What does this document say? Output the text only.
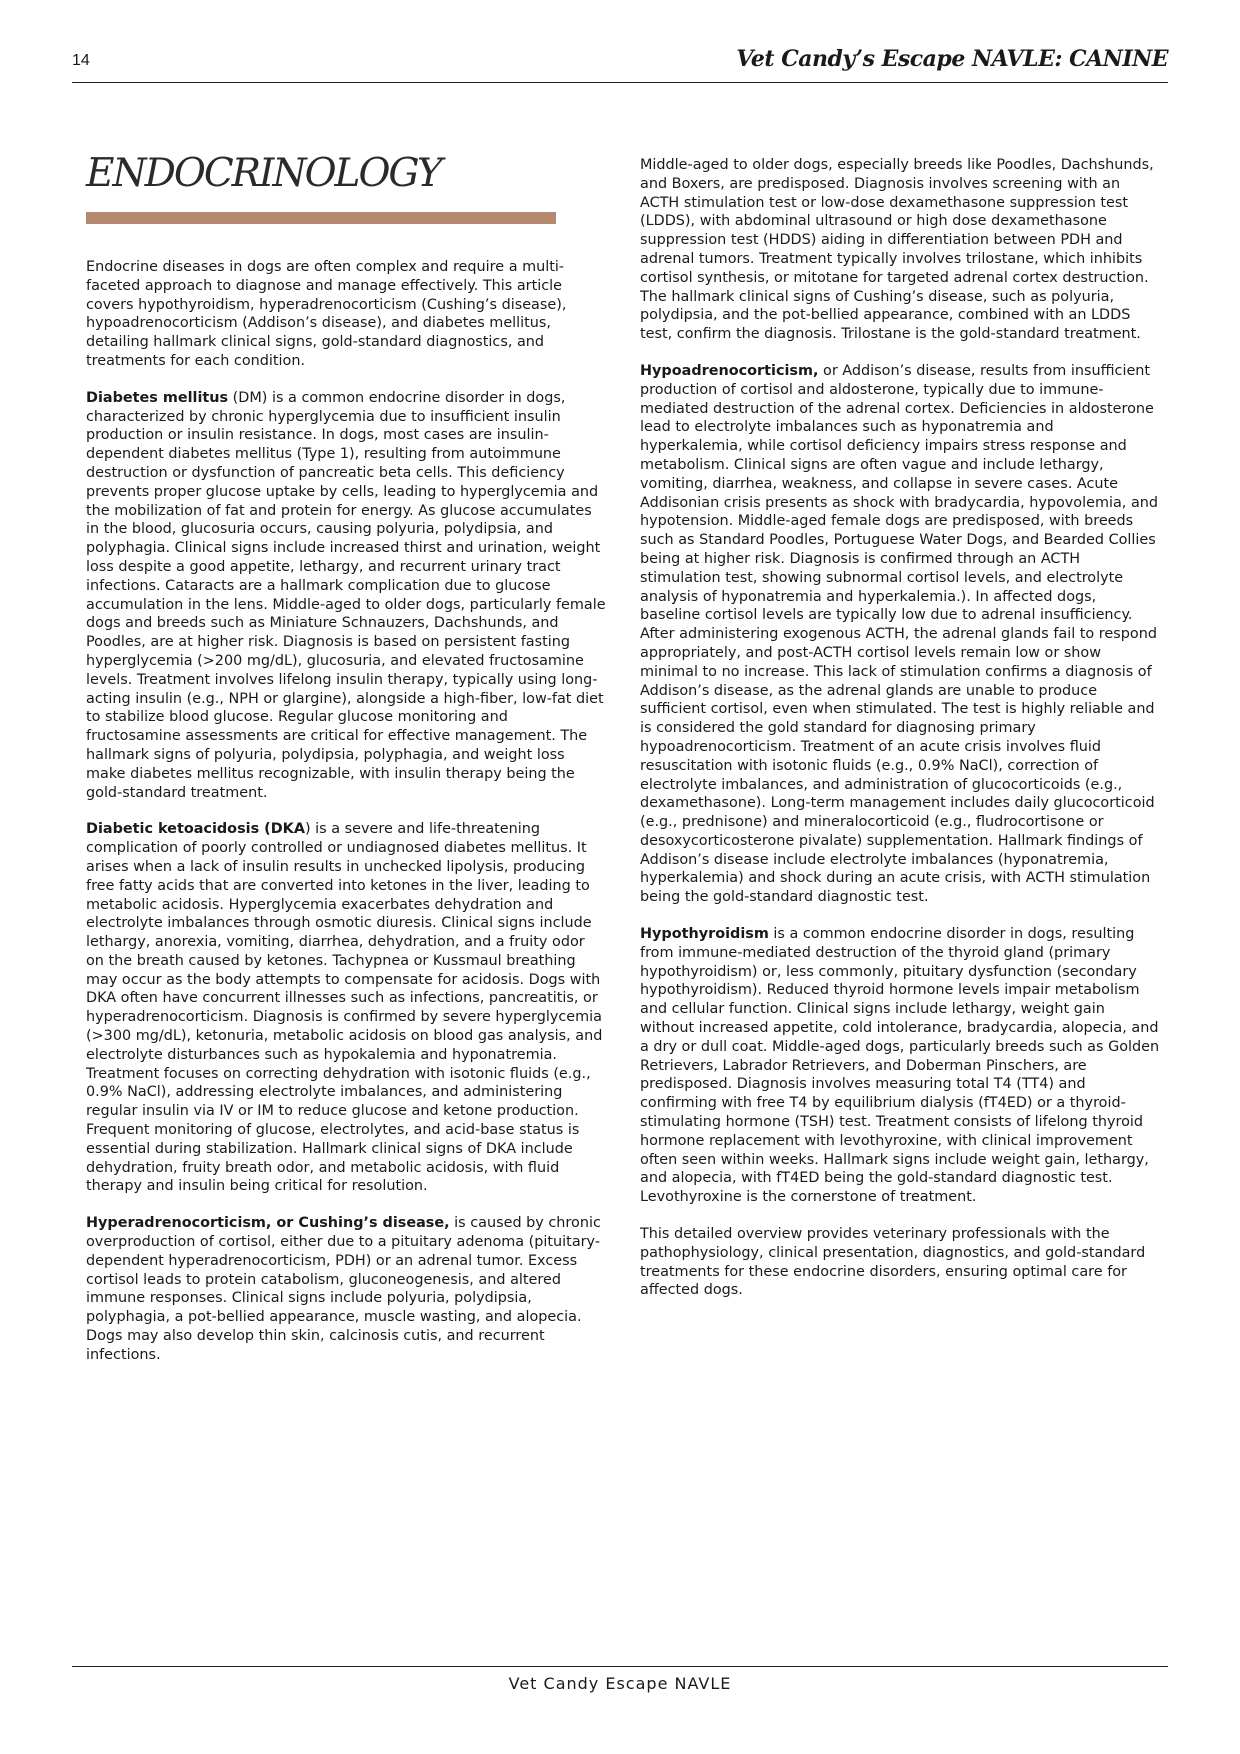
14	Vet Candy’s Escape NAVLE: CANINE
ENDOCRINOLOGY

Endocrine diseases in dogs are often complex and require a multi-faceted approach to diagnose and manage effectively. This article covers hypothyroidism, hyperadrenocorticism (Cushing’s disease), hypoadrenocorticism (Addison’s disease), and diabetes mellitus, detailing hallmark clinical signs, gold-standard diagnostics, and treatments for each condition.

Diabetes mellitus (DM) is a common endocrine disorder in dogs, characterized by chronic hyperglycemia due to insufficient insulin production or insulin resistance. In dogs, most cases are insulin-dependent diabetes mellitus (Type 1), resulting from autoimmune destruction or dysfunction of pancreatic beta cells. This deficiency prevents proper glucose uptake by cells, leading to hyperglycemia and the mobilization of fat and protein for energy. As glucose accumulates in the blood, glucosuria occurs, causing polyuria, polydipsia, and polyphagia. Clinical signs include increased thirst and urination, weight loss despite a good appetite, lethargy, and recurrent urinary tract infections. Cataracts are a hallmark complication due to glucose accumulation in the lens. Middle-aged to older dogs, particularly female dogs and breeds such as Miniature Schnauzers, Dachshunds, and Poodles, are at higher risk. Diagnosis is based on persistent fasting hyperglycemia (>200 mg/dL), glucosuria, and elevated fructosamine levels. Treatment involves lifelong insulin therapy, typically using long-acting insulin (e.g., NPH or glargine), alongside a high-fiber, low-fat diet to stabilize blood glucose. Regular glucose monitoring and fructosamine assessments are critical for effective management. The hallmark signs of polyuria, polydipsia, polyphagia, and weight loss make diabetes mellitus recognizable, with insulin therapy being the gold-standard treatment.

Diabetic ketoacidosis (DKA) is a severe and life-threatening complication of poorly controlled or undiagnosed diabetes mellitus. It arises when a lack of insulin results in unchecked lipolysis, producing free fatty acids that are converted into ketones in the liver, leading to metabolic acidosis. Hyperglycemia exacerbates dehydration and electrolyte imbalances through osmotic diuresis. Clinical signs include lethargy, anorexia, vomiting, diarrhea, dehydration, and a fruity odor on the breath caused by ketones. Tachypnea or Kussmaul breathing may occur as the body attempts to compensate for acidosis. Dogs with DKA often have concurrent illnesses such as infections, pancreatitis, or hyperadrenocorticism. Diagnosis is confirmed by severe hyperglycemia (>300 mg/dL), ketonuria, metabolic acidosis on blood gas analysis, and electrolyte disturbances such as hypokalemia and hyponatremia. Treatment focuses on correcting dehydration with isotonic fluids (e.g., 0.9% NaCl), addressing electrolyte imbalances, and administering regular insulin via IV or IM to reduce glucose and ketone production. Frequent monitoring of glucose, electrolytes, and acid-base status is essential during stabilization. Hallmark clinical signs of DKA include dehydration, fruity breath odor, and metabolic acidosis, with fluid therapy and insulin being critical for resolution.

Hyperadrenocorticism, or Cushing’s disease, is caused by chronic overproduction of cortisol, either due to a pituitary adenoma (pituitary-dependent hyperadrenocorticism, PDH) or an adrenal tumor. Excess cortisol leads to protein catabolism, gluconeogenesis, and altered immune responses. Clinical signs include polyuria, polydipsia, polyphagia, a pot-bellied appearance, muscle wasting, and alopecia. Dogs may also develop thin skin, calcinosis cutis, and recurrent infections.

Middle-aged to older dogs, especially breeds like Poodles, Dachshunds, and Boxers, are predisposed. Diagnosis involves screening with an ACTH stimulation test or low-dose dexamethasone suppression test (LDDS), with abdominal ultrasound or high dose dexamethasone suppression test (HDDS) aiding in differentiation between PDH and adrenal tumors. Treatment typically involves trilostane, which inhibits cortisol synthesis, or mitotane for targeted adrenal cortex destruction. The hallmark clinical signs of Cushing’s disease, such as polyuria, polydipsia, and the pot-bellied appearance, combined with an LDDS test, confirm the diagnosis. Trilostane is the gold-standard treatment.

Hypoadrenocorticism, or Addison’s disease, results from insufficient production of cortisol and aldosterone, typically due to immune-mediated destruction of the adrenal cortex. Deficiencies in aldosterone lead to electrolyte imbalances such as hyponatremia and hyperkalemia, while cortisol deficiency impairs stress response and metabolism. Clinical signs are often vague and include lethargy, vomiting, diarrhea, weakness, and collapse in severe cases. Acute Addisonian crisis presents as shock with bradycardia, hypovolemia, and hypotension. Middle-aged female dogs are predisposed, with breeds such as Standard Poodles, Portuguese Water Dogs, and Bearded Collies being at higher risk. Diagnosis is confirmed through an ACTH stimulation test, showing subnormal cortisol levels, and electrolyte analysis of hyponatremia and hyperkalemia.). In affected dogs, baseline cortisol levels are typically low due to adrenal insufficiency. After administering exogenous ACTH, the adrenal glands fail to respond appropriately, and post-ACTH cortisol levels remain low or show minimal to no increase. This lack of stimulation confirms a diagnosis of Addison’s disease, as the adrenal glands are unable to produce sufficient cortisol, even when stimulated. The test is highly reliable and is considered the gold standard for diagnosing primary hypoadrenocorticism. Treatment of an acute crisis involves fluid resuscitation with isotonic fluids (e.g., 0.9% NaCl), correction of electrolyte imbalances, and administration of glucocorticoids (e.g., dexamethasone). Long-term management includes daily glucocorticoid (e.g., prednisone) and mineralocorticoid (e.g., fludrocortisone or desoxycorticosterone pivalate) supplementation. Hallmark findings of Addison’s disease include electrolyte imbalances (hyponatremia, hyperkalemia) and shock during an acute crisis, with ACTH stimulation being the gold-standard diagnostic test.

Hypothyroidism is a common endocrine disorder in dogs, resulting from immune-mediated destruction of the thyroid gland (primary hypothyroidism) or, less commonly, pituitary dysfunction (secondary hypothyroidism). Reduced thyroid hormone levels impair metabolism and cellular function. Clinical signs include lethargy, weight gain without increased appetite, cold intolerance, bradycardia, alopecia, and a dry or dull coat. Middle-aged dogs, particularly breeds such as Golden Retrievers, Labrador Retrievers, and Doberman Pinschers, are predisposed. Diagnosis involves measuring total T4 (TT4) and confirming with free T4 by equilibrium dialysis (fT4ED) or a thyroid-stimulating hormone (TSH) test. Treatment consists of lifelong thyroid hormone replacement with levothyroxine, with clinical improvement often seen within weeks. Hallmark signs include weight gain, lethargy, and alopecia, with fT4ED being the gold-standard diagnostic test. Levothyroxine is the cornerstone of treatment.

This detailed overview provides veterinary professionals with the pathophysiology, clinical presentation, diagnostics, and gold-standard treatments for these endocrine disorders, ensuring optimal care for affected dogs.

Vet Candy Escape NAVLE
